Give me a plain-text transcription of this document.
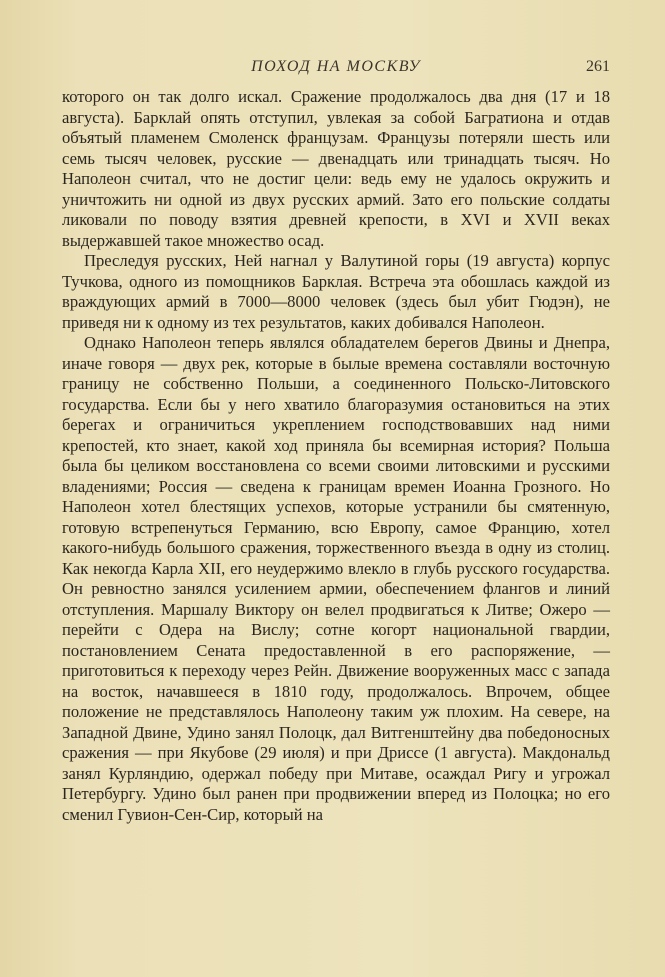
ПОХОД НА МОСКВУ	261

которого он так долго искал. Сражение продолжалось два дня (17 и 18 августа). Барклай опять отступил, увлекая за собой Багратиона и отдав объятый пламенем Смоленск французам. Французы потеряли шесть или семь тысяч человек, русские — двенадцать или тринадцать тысяч. Но Наполеон считал, что не достиг цели: ведь ему не удалось окружить и уничтожить ни одной из двух русских армий. Зато его польские солдаты ликовали по поводу взятия древней крепости, в XVI и XVII веках выдержавшей такое множество осад.

Преследуя русских, Ней нагнал у Валутиной горы (19 августа) корпус Тучкова, одного из помощников Барклая. Встреча эта обошлась каждой из враждующих армий в 7000—8000 человек (здесь был убит Гюдэн), не приведя ни к одному из тех результатов, каких добивался Наполеон.

Однако Наполеон теперь являлся обладателем берегов Двины и Днепра, иначе говоря — двух рек, которые в былые времена составляли восточную границу не собственно Польши, а соединенного Польско-Литовского государства. Если бы у него хватило благоразумия остановиться на этих берегах и ограничиться укреплением господствовавших над ними крепостей, кто знает, какой ход приняла бы всемирная история? Польша была бы целиком восстановлена со всеми своими литовскими и русскими владениями; Россия — сведена к границам времен Иоанна Грозного. Но Наполеон хотел блестящих успехов, которые устранили бы смятенную, готовую встрепенуться Германию, всю Европу, самое Францию, хотел какого-нибудь большого сражения, торжественного въезда в одну из столиц. Как некогда Карла XII, его неудержимо влекло в глубь русского государства. Он ревностно занялся усилением армии, обеспечением флангов и линий отступления. Маршалу Виктору он велел продвигаться к Литве; Ожеро — перейти с Одера на Вислу; сотне когорт национальной гвардии, постановлением Сената предоставленной в его распоряжение, — приготовиться к переходу через Рейн. Движение вооруженных масс с запада на восток, начавшееся в 1810 году, продолжалось. Впрочем, общее положение не представлялось Наполеону таким уж плохим. На севере, на Западной Двине, Удино занял Полоцк, дал Витгенштейну два победоносных сражения — при Якубове (29 июля) и при Дриссе (1 августа). Макдональд занял Курляндию, одержал победу при Митаве, осаждал Ригу и угрожал Петербургу. Удино был ранен при продвижении вперед из Полоцка; но его сменил Гувион-Сен-Сир, который на
